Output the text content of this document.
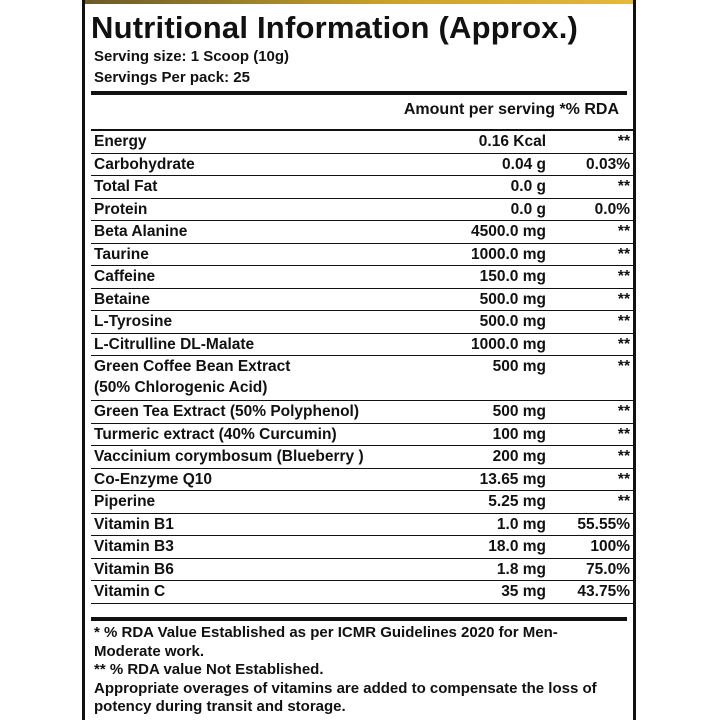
Nutritional Information (Approx.)
Serving size: 1 Scoop (10g)
Servings Per pack: 25
Amount per serving *% RDA
Energy	0.16 Kcal	**

Carbohydrate	0.04 g	0.03%

Total Fat	0.0 g	**

Protein	0.0 g	0.0%

Beta Alanine	4500.0 mg	**

Taurine	1000.0 mg	**

Caffeine	150.0 mg	**

Betaine	500.0 mg	**

L-Tyrosine	500.0 mg	**

L-Citrulline DL-Malate	1000.0 mg	**

Green Coffee Bean Extract
(50% Chlorogenic Acid)	500 mg	**

Green Tea Extract (50% Polyphenol)	500 mg	**

Turmeric extract (40% Curcumin)	100 mg	**

Vaccinium corymbosum (Blueberry )	200 mg	**

Co-Enzyme Q10	13.65 mg	**

Piperine	5.25 mg	**

Vitamin B1	1.0 mg	55.55%

Vitamin B3	18.0 mg	100%

Vitamin B6	1.8 mg	75.0%

Vitamin C	35 mg	43.75%

* % RDA Value Established as per ICMR Guidelines 2020 for Men-Moderate work.

** % RDA value Not Established.

Appropriate overages of vitamins are added to compensate the loss of potency during transit and storage.
